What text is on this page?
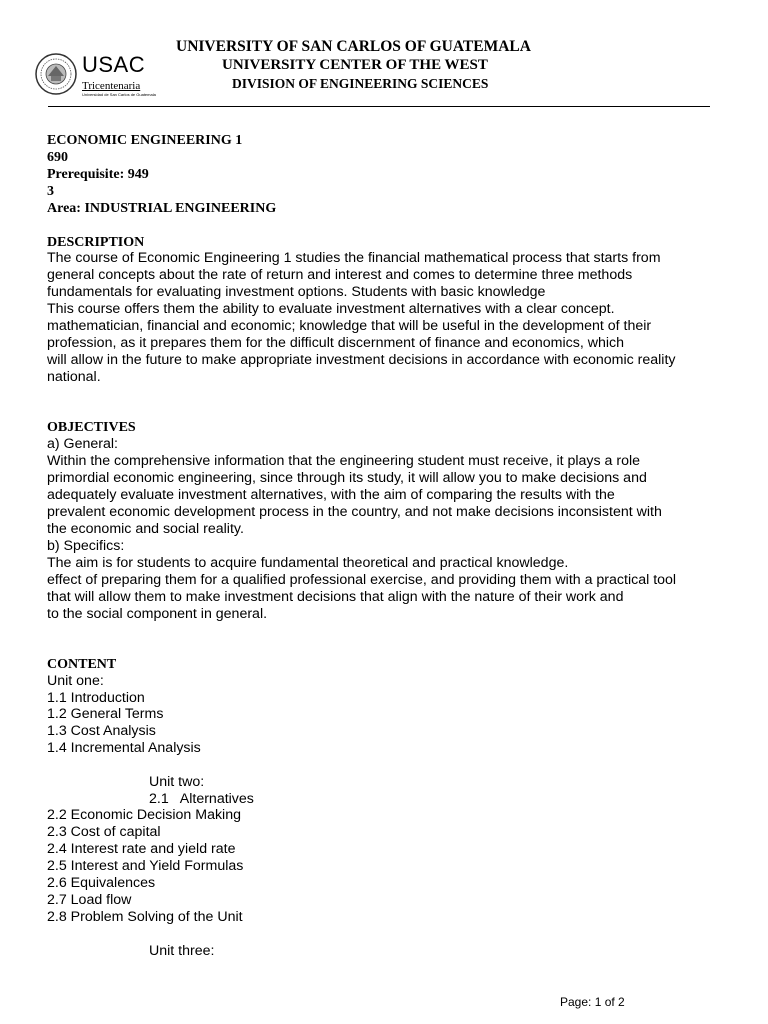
USAC
Tricentenaria
Universidad de San Carlos de Guatemala
UNIVERSITY OF SAN CARLOS OF GUATEMALA
UNIVERSITY CENTER OF THE WEST
DIVISION OF ENGINEERING SCIENCES
ECONOMIC ENGINEERING 1
690
Prerequisite: 949
3
Area: INDUSTRIAL ENGINEERING
DESCRIPTION
The course of Economic Engineering 1 studies the financial mathematical process that starts from
general concepts about the rate of return and interest and comes to determine three methods
fundamentals for evaluating investment options. Students with basic knowledge
This course offers them the ability to evaluate investment alternatives with a clear concept.
mathematician, financial and economic; knowledge that will be useful in the development of their
profession, as it prepares them for the difficult discernment of finance and economics, which
will allow in the future to make appropriate investment decisions in accordance with economic reality
national.
OBJECTIVES
a) General:
Within the comprehensive information that the engineering student must receive, it plays a role
primordial economic engineering, since through its study, it will allow you to make decisions and
adequately evaluate investment alternatives, with the aim of comparing the results with the
prevalent economic development process in the country, and not make decisions inconsistent with
the economic and social reality.
b) Specifics:
The aim is for students to acquire fundamental theoretical and practical knowledge.
effect of preparing them for a qualified professional exercise, and providing them with a practical tool
that will allow them to make investment decisions that align with the nature of their work and
to the social component in general.
CONTENT
Unit one:
1.1 Introduction
1.2 General Terms
1.3 Cost Analysis
1.4 Incremental Analysis
Unit two:
2.1   Alternatives
2.2 Economic Decision Making
2.3 Cost of capital
2.4 Interest rate and yield rate
2.5 Interest and Yield Formulas
2.6 Equivalences
2.7 Load flow
2.8 Problem Solving of the Unit
Unit three:
Page: 1 of 2
